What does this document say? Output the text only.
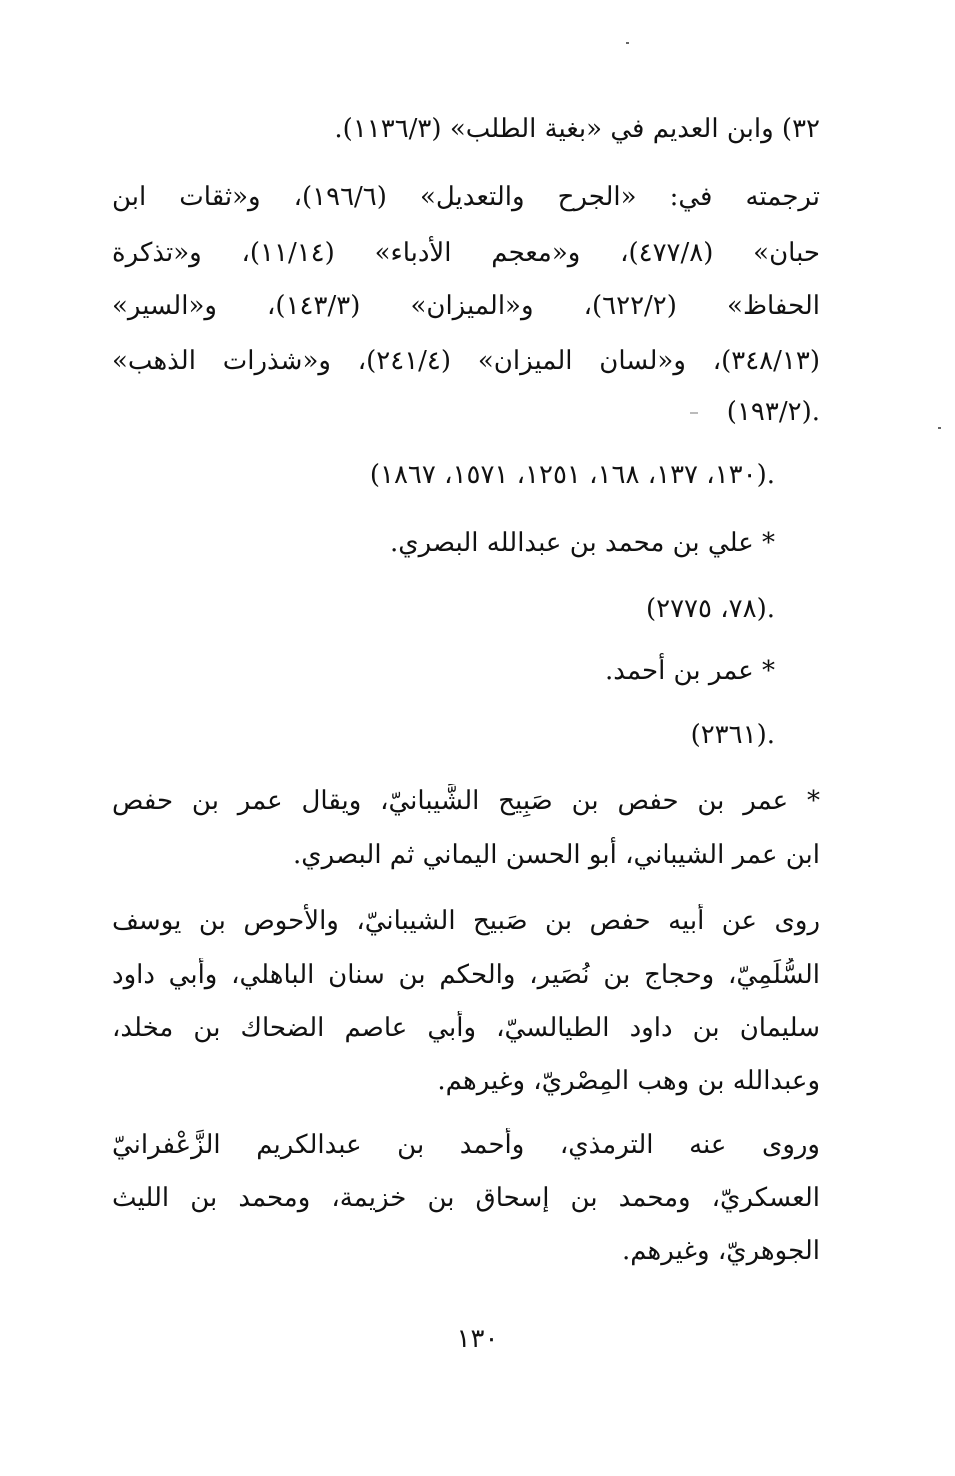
٣٢) وابن العديم في «بغية الطلب» (١١٣٦/٣).
ترجمته في: «الجرح والتعديل» (١٩٦/٦)، و«ثقات ابن
حبان» (٤٧٧/٨)، و«معجم الأدباء» (١١/١٤)، و«تذكرة
الحفاظ» (٦٢٢/٢)، و«الميزان» (١٤٣/٣)، و«السير»
(٣٤٨/١٣)، و«لسان الميزان» (٢٤١/٤)، و«شذرات الذهب»
(١٩٣/٢).
(١٣٠، ١٣٧، ١٦٨، ١٢٥١، ١٥٧١، ١٨٦٧).
* علي بن محمد بن عبدالله البصري.
(٧٨، ٢٧٧٥).
* عمر بن أحمد.
(٢٣٦١).
* عمر بن حفص بن صَبِيح الشَّيبانيّ، ويقال عمر بن حفص
ابن عمر الشيباني، أبو الحسن اليماني ثم البصري.
روى عن أبيه حفص بن صَبيح الشيبانيّ، والأحوص بن يوسف
السُّلَمِيّ، وحجاج بن نُصَير، والحكم بن سنان الباهلي، وأبي داود
سليمان بن داود الطيالسيّ، وأبي عاصم الضحاك بن مخلد،
وعبدالله بن وهب المِصْريّ، وغيرهم.
وروى عنه الترمذي، وأحمد بن عبدالكريم الزَّعْفرانيّ
العسكريّ، ومحمد بن إسحاق بن خزيمة، ومحمد بن الليث
الجوهريّ، وغيرهم.
١٣٠
